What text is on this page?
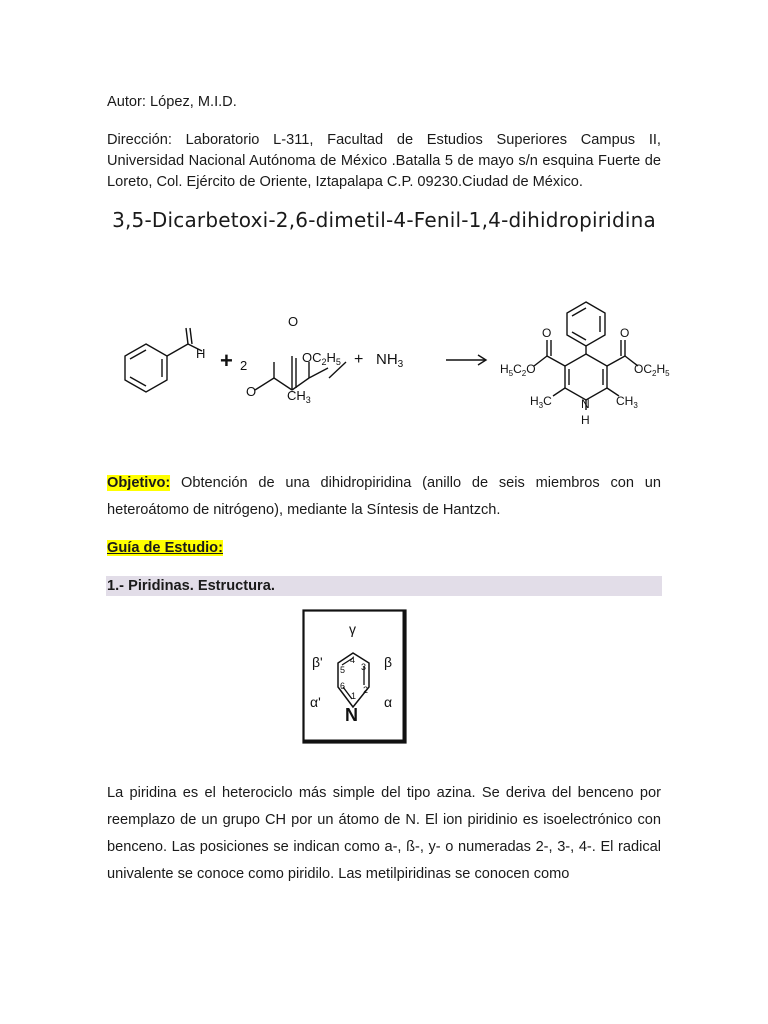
Autor: López, M.I.D.
Dirección: Laboratorio L-311, Facultad de Estudios Superiores Campus II, Universidad Nacional Autónoma de México .Batalla 5 de mayo s/n esquina Fuerte de Loreto, Col. Ejército de Oriente, Iztapalapa C.P. 09230.Ciudad de México.
3,5-Dicarbetoxi-2,6-dimetil-4-Fenil-1,4-dihidropiridina
H + 2
O
$OC_2H_5$
O $CH_3$
+ $NH_3$
O	O
$H_5C_2O$	$OC_2H_5$
$H_3C$	$CH_3$
N
H
Objetivo: Obtención de una dihidropiridina (anillo de seis miembros con un heteroátomo de nitrógeno), mediante la Síntesis de Hantzch.
Guía de Estudio:
1.- Piridinas. Estructura.
γ
β'	β
α'	α
N
1
2
3
4
5
6
La piridina es el heterociclo más simple del tipo azina. Se deriva del benceno por reemplazo de un grupo CH por un átomo de N. El ion piridinio es isoelectrónico con benceno. Las posiciones se indican como a-, ß-, y- o numeradas 2-, 3-, 4-. El radical univalente se conoce como piridilo. Las metilpiridinas se conocen como
